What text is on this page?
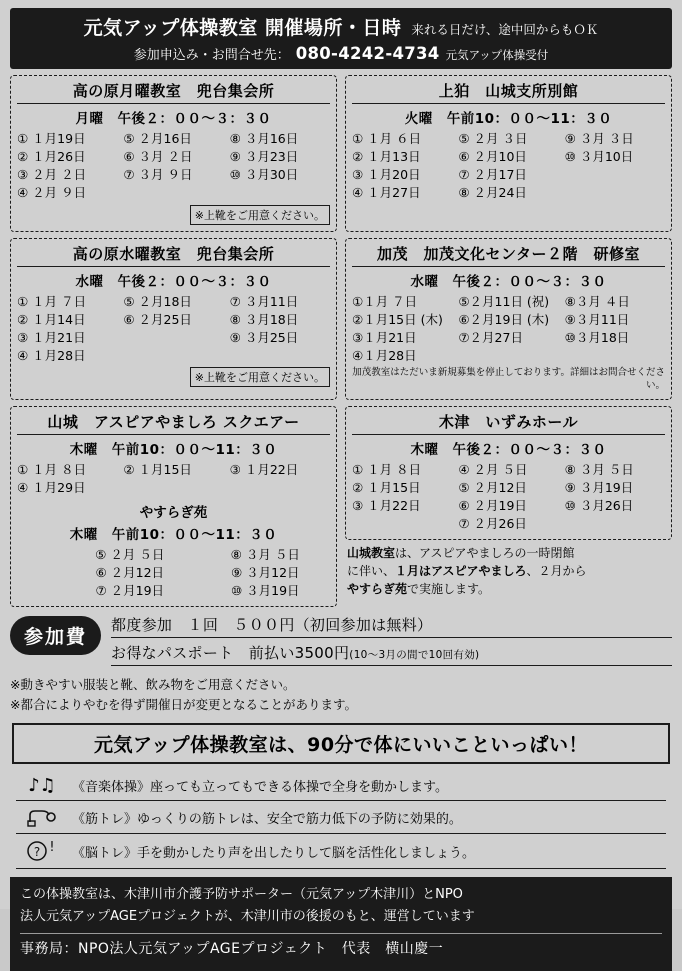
元気アップ体操教室 開催場所・日時 来れる日だけ、途中回からもＯＫ
参加申込み・お問合せ先： 080-4242-4734 元気アップ体操受付
高の原月曜教室　兜台集会所
月曜　午後２：００〜３：３０
① １月19日
② １月26日
③ ２月 ２日
④ ２月 ９日
⑤ ２月16日
⑥ ３月 ２日
⑦ ３月 ９日
⑧ ３月16日
⑨ ３月23日
⑩ ３月30日
※上靴をご用意ください。
上狛　山城支所別館
火曜　午前10：００〜11：３０
① １月 ６日
② １月13日
③ １月20日
④ １月27日
⑤ ２月 ３日
⑥ ２月10日
⑦ ２月17日
⑧ ２月24日
⑨ ３月 ３日
⑩ ３月10日
高の原水曜教室　兜台集会所
水曜　午後２：００〜３：３０
① １月 ７日
② １月14日
③ １月21日
④ １月28日
⑤ ２月18日
⑥ ２月25日
⑦ ３月11日
⑧ ３月18日
⑨ ３月25日
※上靴をご用意ください。
加茂　加茂文化センター２階　研修室
水曜　午後２：００〜３：３０
①１月 ７日
②１月15日 (木)
③１月21日
④１月28日
⑤２月11日 (祝)
⑥２月19日 (木)
⑦２月27日
⑧３月 ４日
⑨３月11日
⑩３月18日
加茂教室はただいま新規募集を停止しております。詳細はお問合せください。
山城　アスピアやましろ スクエアー
木曜　午前10：００〜11：３０
① １月 ８日
④ １月29日
② １月15日	③ １月22日
やすらぎ苑
木曜　午前10：００〜11：３０
⑤ ２月 ５日
⑥ ２月12日
⑦ ２月19日
⑧ ３月 ５日
⑨ ３月12日
⑩ ３月19日
木津　いずみホール
木曜　午後２：００〜３：３０
① １月 ８日
② １月15日
③ １月22日
④ ２月 ５日
⑤ ２月12日
⑥ ２月19日
⑦ ２月26日
⑧ ３月 ５日
⑨ ３月19日
⑩ ３月26日
山城教室は、アスピアやましろの一時閉館
に伴い、１月はアスピアやましろ、２月から
やすらぎ苑で実施します。
参加費
都度参加　１回　５００円（初回参加は無料）
お得なパスポート　前払い3500円(10〜3月の間で10回有効)
※動きやすい服装と靴、飲み物をご用意ください。
※都合によりやむを得ず開催日が変更となることがあります。
元気アップ体操教室は、90分で体にいいこといっぱい！
♪♫	《音楽体操》座っても立ってもできる体操で全身を動かします。
《筋トレ》ゆっくりの筋トレは、安全で筋力低下の予防に効果的。
? ! 《脳トレ》手を動かしたり声を出したりして脳を活性化しましょう。
この体操教室は、木津川市介護予防サポーター（元気アップ木津川）とNPO
法人元気アップAGEプロジェクトが、木津川市の後援のもと、運営しています
事務局：NPO法人元気アップAGEプロジェクト　代表　横山慶一
